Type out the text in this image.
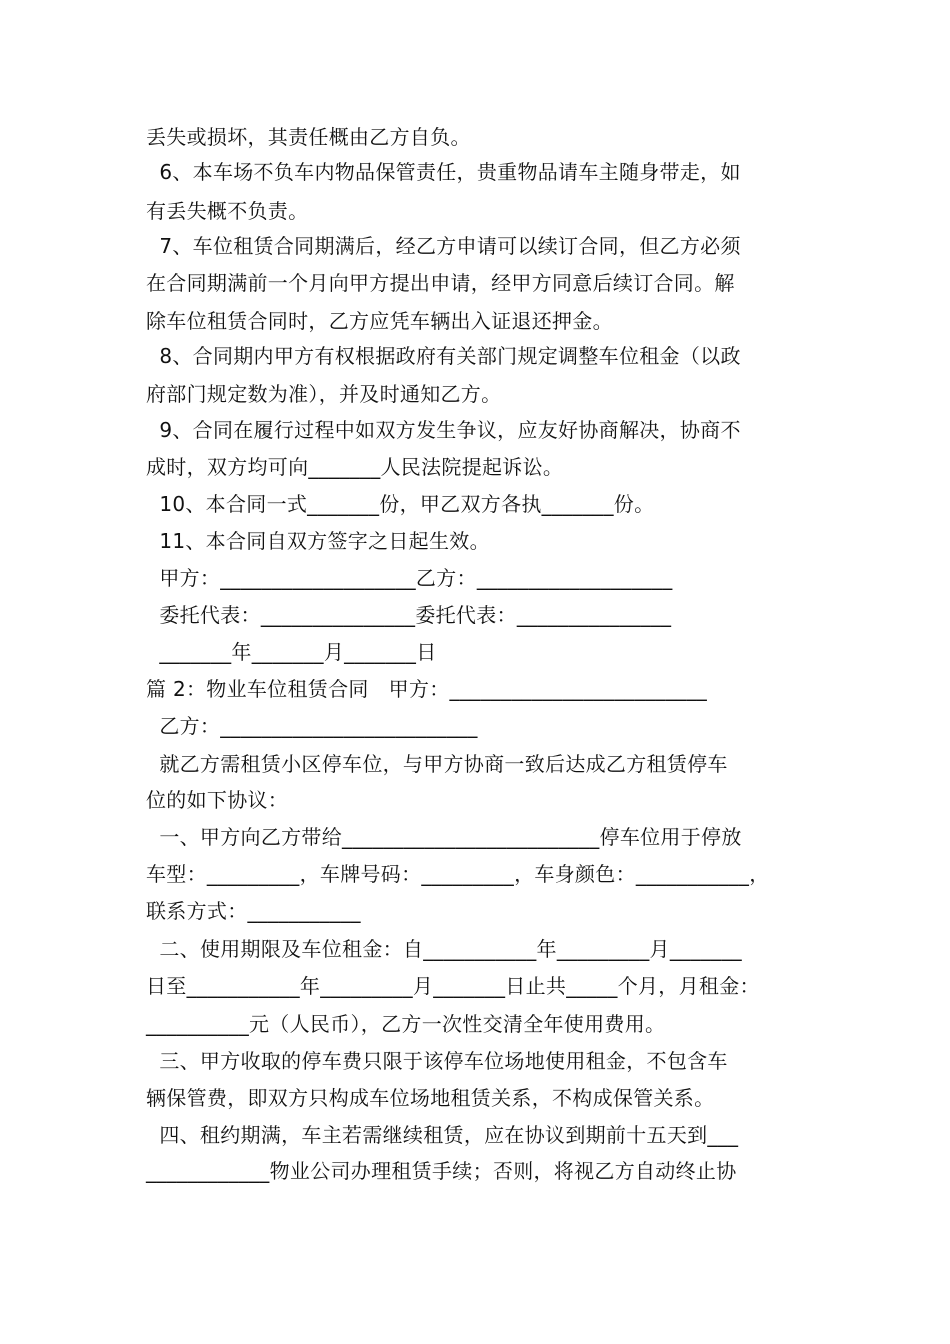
丢失或损坏，其责任概由乙方自负。
6、本车场不负车内物品保管责任，贵重物品请车主随身带走，如
有丢失概不负责。
7、车位租赁合同期满后，经乙方申请可以续订合同，但乙方必须
在合同期满前一个月向甲方提出申请，经甲方同意后续订合同。解
除车位租赁合同时，乙方应凭车辆出入证退还押金。
8、合同期内甲方有权根据政府有关部门规定调整车位租金（以政
府部门规定数为准），并及时通知乙方。
9、合同在履行过程中如双方发生争议，应友好协商解决，协商不
成时，双方均可向_______人民法院提起诉讼。
10、本合同一式_______份，甲乙双方各执_______份。
11、本合同自双方签字之日起生效。
甲方：___________________乙方：___________________
委托代表：_______________委托代表：_______________
_______年_______月_______日
篇 2：物业车位租赁合同   甲方：_________________________
乙方：_________________________
就乙方需租赁小区停车位，与甲方协商一致后达成乙方租赁停车
位的如下协议：
一、甲方向乙方带给_________________________停车位用于停放
车型：_________，车牌号码：_________，车身颜色：___________，
联系方式：___________
二、使用期限及车位租金：自___________年_________月_______
日至___________年_________月_______日止共_____个月，月租金：
__________元（人民币），乙方一次性交清全年使用费用。
三、甲方收取的停车费只限于该停车位场地使用租金，不包含车
辆保管费，即双方只构成车位场地租赁关系，不构成保管关系。
四、租约期满，车主若需继续租赁，应在协议到期前十五天到___
____________物业公司办理租赁手续；否则，将视乙方自动终止协
